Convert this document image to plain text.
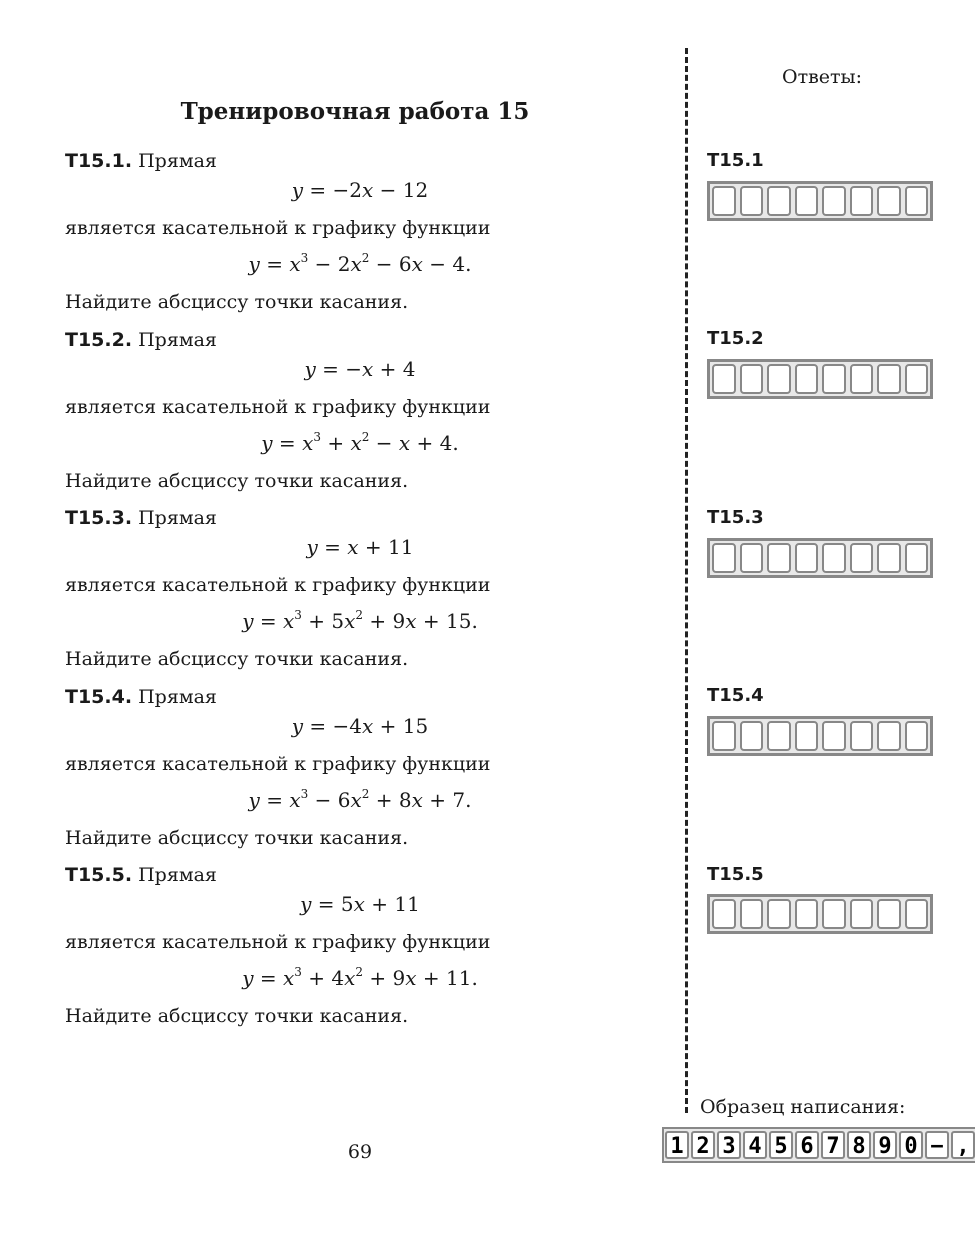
Тренировочная работа 15
Ответы:
Т15.1. Прямая
y = −2x − 12
является касательной к графику функции
$y = x^3 - 2x^2 - 6x - 4$.
Найдите абсциссу точки касания.
Т15.1
Т15.2. Прямая
y = −x + 4
является касательной к графику функции
$y = x^3 + x^2 - x + 4$.
Найдите абсциссу точки касания.
Т15.2
Т15.3. Прямая
y = x + 11
является касательной к графику функции
$y = x^3 + 5x^2 + 9x + 15$.
Найдите абсциссу точки касания.
Т15.3
Т15.4. Прямая
y = −4x + 15
является касательной к графику функции
$y = x^3 - 6x^2 + 8x + 7$.
Найдите абсциссу точки касания.
Т15.4
Т15.5. Прямая
y = 5x + 11
является касательной к графику функции
$y = x^3 + 4x^2 + 9x + 11$.
Найдите абсциссу точки касания.
Т15.5
Образец написания:
1 2 3 4 5 6 7 8 9 0 − ,
69
